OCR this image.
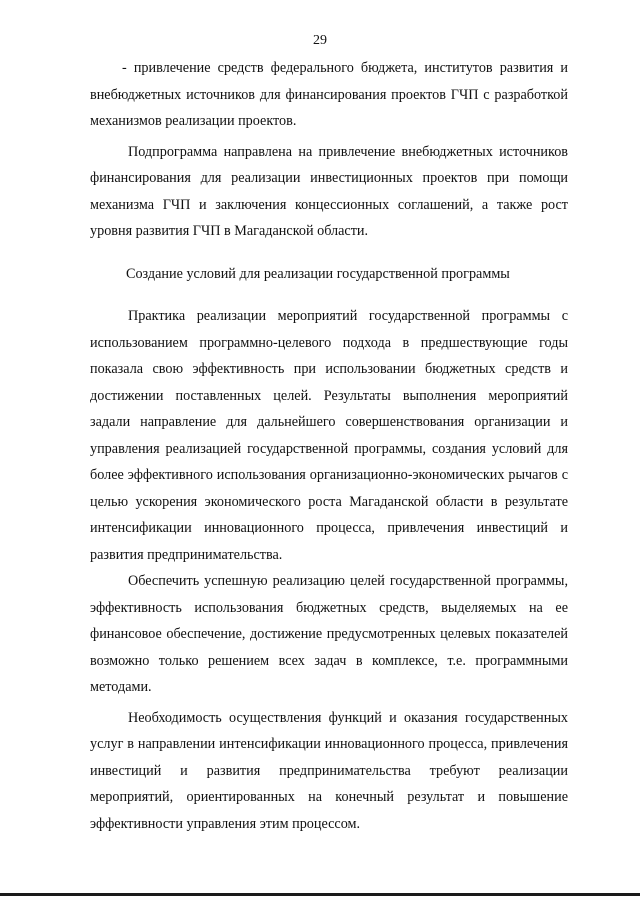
29

- привлечение средств федерального бюджета, институтов развития и внебюджетных источников для финансирования проектов ГЧП с разработкой механизмов реализации проектов.

Подпрограмма направлена на привлечение внебюджетных источников финансирования для реализации инвестиционных проектов при помощи механизма ГЧП и заключения концессионных соглашений, а также рост уровня развития ГЧП в Магаданской области.

Создание условий для реализации государственной программы

Практика реализации мероприятий государственной программы с использованием программно-целевого подхода в предшествующие годы показала свою эффективность при использовании бюджетных средств и достижении поставленных целей. Результаты выполнения мероприятий задали направление для дальнейшего совершенствования организации и управления реализацией государственной программы, создания условий для более эффективного использования организационно-экономических рычагов с целью ускорения экономического роста Магаданской области в результате интенсификации инновационного процесса, привлечения инвестиций и развития предпринимательства.

Обеспечить успешную реализацию целей государственной программы, эффективность использования бюджетных средств, выделяемых на ее финансовое обеспечение, достижение предусмотренных целевых показателей возможно только решением всех задач в комплексе, т.е. программными методами.

Необходимость осуществления функций и оказания государственных услуг в направлении интенсификации инновационного процесса, привлечения инвестиций и развития предпринимательства требуют реализации мероприятий, ориентированных на конечный результат и повышение эффективности управления этим процессом.
